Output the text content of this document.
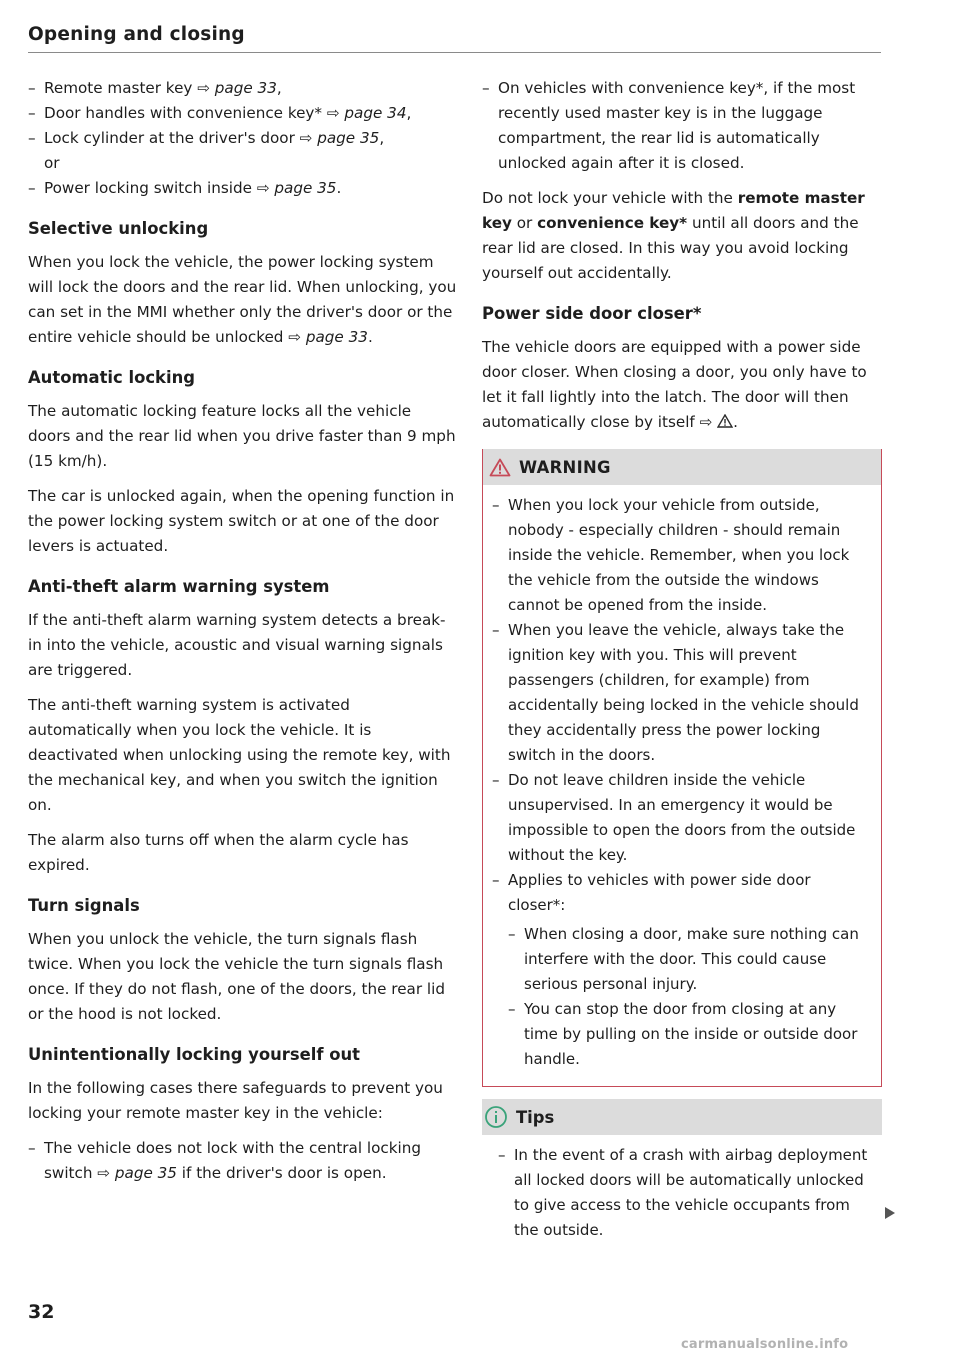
Opening and closing
– Remote master key ⇨ page 33,
– Door handles with convenience key* ⇨ page 34,
– Lock cylinder at the driver's door ⇨ page 35,
or
– Power locking switch inside ⇨ page 35.
Selective unlocking

When you lock the vehicle, the power locking system will lock the doors and the rear lid. When unlocking, you can set in the MMI whether only the driver's door or the entire vehicle should be unlocked ⇨ page 33.

Automatic locking

The automatic locking feature locks all the vehicle doors and the rear lid when you drive faster than 9 mph (15 km/h).

The car is unlocked again, when the opening function in the power locking system switch or at one of the door levers is actuated.

Anti-theft alarm warning system

If the anti-theft alarm warning system detects a break-in into the vehicle, acoustic and visual warning signals are triggered.

The anti-theft warning system is activated automatically when you lock the vehicle. It is deactivated when unlocking using the remote key, with the mechanical key, and when you switch the ignition on.

The alarm also turns off when the alarm cycle has expired.

Turn signals

When you unlock the vehicle, the turn signals flash twice. When you lock the vehicle the turn signals flash once. If they do not flash, one of the doors, the rear lid or the hood is not locked.

Unintentionally locking yourself out

In the following cases there safeguards to prevent you locking your remote master key in the vehicle:

– The vehicle does not lock with the central locking switch ⇨ page 35 if the driver's door is open.
– On vehicles with convenience key*, if the most recently used master key is in the luggage compartment, the rear lid is automatically unlocked again after it is closed.

Do not lock your vehicle with the remote master key or convenience key* until all doors and the rear lid are closed. In this way you avoid locking yourself out accidentally.

Power side door closer*

The vehicle doors are equipped with a power side door closer. When closing a door, you only have to let it fall lightly into the latch. The door will then automatically close by itself ⇨ .

WARNING
– When you lock your vehicle from outside, nobody - especially children - should remain inside the vehicle. Remember, when you lock the vehicle from the outside the windows cannot be opened from the inside.
– When you leave the vehicle, always take the ignition key with you. This will prevent passengers (children, for example) from accidentally being locked in the vehicle should they accidentally press the power locking switch in the doors.
– Do not leave children inside the vehicle unsupervised. In an emergency it would be impossible to open the doors from the outside without the key.
– Applies to vehicles with power side door closer*:
– When closing a door, make sure nothing can interfere with the door. This could cause serious personal injury.
– You can stop the door from closing at any time by pulling on the inside or outside door handle.
Tips
– In the event of a crash with airbag deployment all locked doors will be automatically unlocked to give access to the vehicle occupants from the outside.
32
carmanualsonline.info
